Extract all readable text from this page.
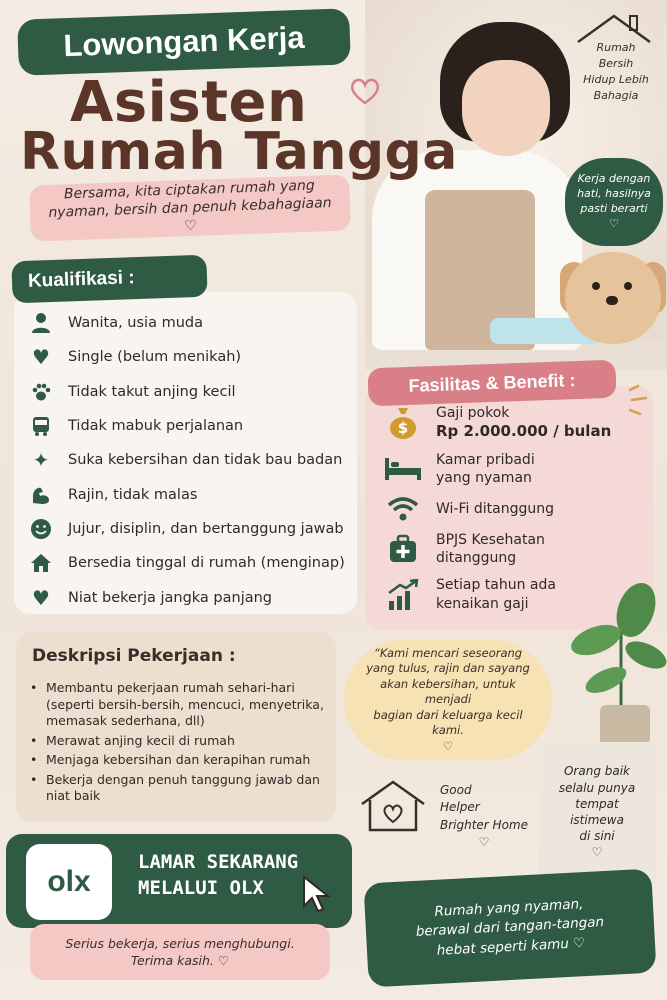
Lowongan Kerja
Asisten
Rumah Tangga
Bersama, kita ciptakan rumah yang
nyaman, bersih dan penuh kebahagiaan ♡
Rumah
Bersih
Hidup Lebih
Bahagia
Kerja dengan
hati, hasilnya
pasti berarti
♡
Kualifikasi :
Wanita, usia muda
♥ Single (belum menikah)
Tidak takut anjing kecil
Tidak mabuk perjalanan
✦	Suka kebersihan dan tidak bau badan
Rajin, tidak malas
Jujur, disiplin, dan bertanggung jawab
Bersedia tinggal di rumah (menginap)
♥ Niat bekerja jangka panjang
Fasilitas & Benefit :
$
Gaji pokok
Rp 2.000.000 / bulan
Kamar pribadi
yang nyaman
Wi-Fi ditanggung
BPJS Kesehatan
ditanggung
Setiap tahun ada
kenaikan gaji
Deskripsi Pekerjaan :
• Membantu pekerjaan rumah sehari-hari (seperti bersih-bersih, mencuci, menyetrika, memasak sederhana, dll)
• Merawat anjing kecil di rumah
• Menjaga kebersihan dan kerapihan rumah
• Bekerja dengan penuh tanggung jawab dan niat baik
“Kami mencari seseorang
yang tulus, rajin dan sayang
akan kebersihan, untuk menjadi
bagian dari keluarga kecil kami.
♡
Good
Helper
Brighter Home
♡
Orang baik
selalu punya
tempat
istimewa
di sini
♡
olx
LAMAR SEKARANG
MELALUI OLX
Serius bekerja, serius menghubungi.
Terima kasih. ♡
Rumah yang nyaman,
berawal dari tangan-tangan
hebat seperti kamu ♡
